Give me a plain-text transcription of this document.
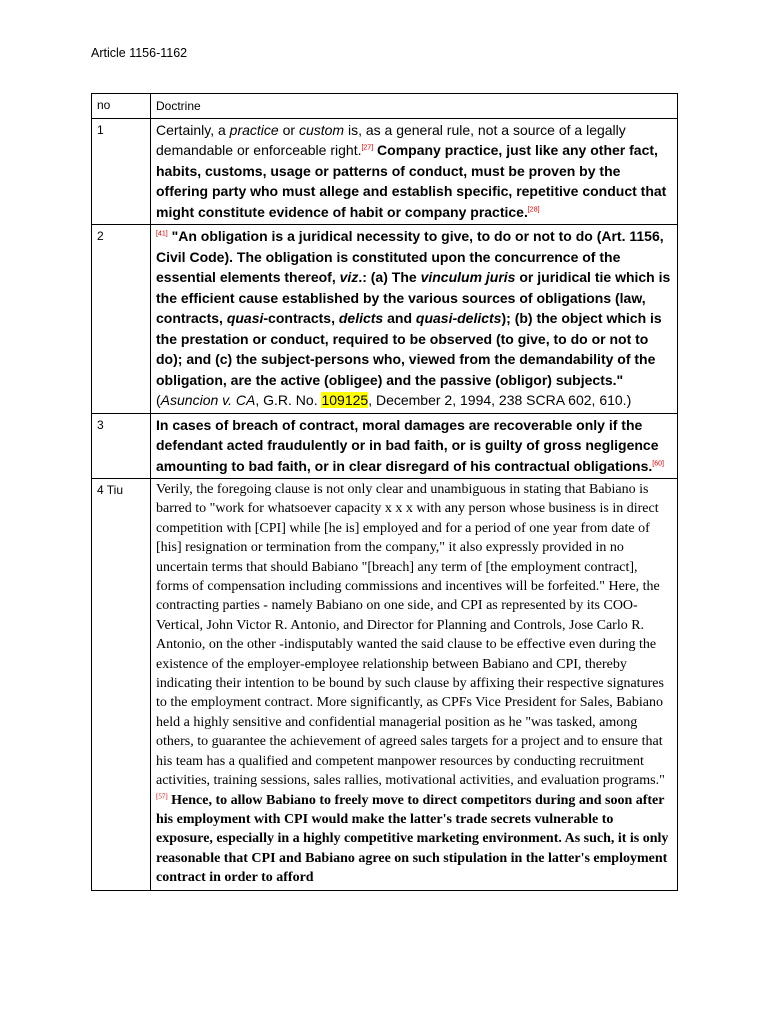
Article 1156-1162
no	Doctrine
1	Certainly, a practice or custom is, as a general rule, not a source of a legally demandable or enforceable right.[27] Company practice, just like any other fact, habits, customs, usage or patterns of conduct, must be proven by the offering party who must allege and establish specific, repetitive conduct that might constitute evidence of habit or company practice.[28]
2	[41] "An obligation is a juridical necessity to give, to do or not to do (Art. 1156, Civil Code). The obligation is constituted upon the concurrence of the essential elements thereof, viz.: (a) The vinculum juris or juridical tie which is the efficient cause established by the various sources of obligations (law, contracts, quasi-contracts, delicts and quasi-delicts); (b) the object which is the prestation or conduct, required to be observed (to give, to do or not to do); and (c) the subject-persons who, viewed from the demandability of the obligation, are the active (obligee) and the passive (obligor) subjects."
(Asuncion v. CA, G.R. No. 109125, December 2, 1994, 238 SCRA 602, 610.)
3	In cases of breach of contract, moral damages are recoverable only if the defendant acted fraudulently or in bad faith, or is guilty of gross negligence amounting to bad faith, or in clear disregard of his contractual obligations.[60]
4 Tiu	Verily, the foregoing clause is not only clear and unambiguous in stating that Babiano is barred to "work for whatsoever capacity x x x with any person whose business is in direct competition with [CPI] while [he is] employed and for a period of one year from date of [his] resignation or termination from the company," it also expressly provided in no uncertain terms that should Babiano "[breach] any term of [the employment contract], forms of compensation including commissions and incentives will be forfeited." Here, the contracting parties - namely Babiano on one side, and CPI as represented by its COO-Vertical, John Victor R. Antonio, and Director for Planning and Controls, Jose Carlo R. Antonio, on the other -indisputably wanted the said clause to be effective even during the existence of the employer-employee relationship between Babiano and CPI, thereby indicating their intention to be bound by such clause by affixing their respective signatures to the employment contract. More significantly, as CPFs Vice President for Sales, Babiano held a highly sensitive and confidential managerial position as he "was tasked, among others, to guarantee the achievement of agreed sales targets for a project and to ensure that his team has a qualified and competent manpower resources by conducting recruitment activities, training sessions, sales rallies, motivational activities, and evaluation programs."[57] Hence, to allow Babiano to freely move to direct competitors during and soon after his employment with CPI would make the latter's trade secrets vulnerable to exposure, especially in a highly competitive marketing environment. As such, it is only reasonable that CPI and Babiano agree on such stipulation in the latter's employment contract in order to afford
